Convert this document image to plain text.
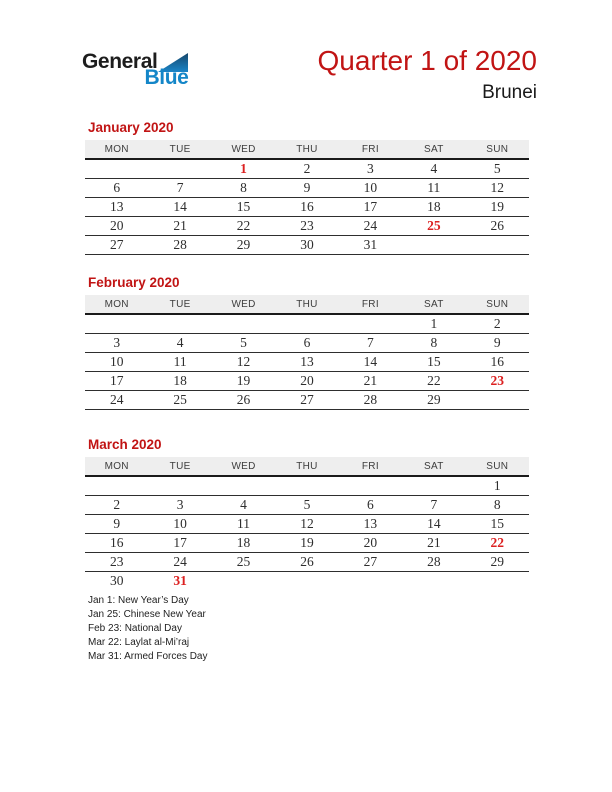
General
Blue
Quarter 1 of 2020
Brunei
January 2020
MON	TUE	WED	THU	FRI	SAT	SUN
		1	2	3	4	5
6	7	8	9	10	11	12
13	14	15	16	17	18	19
20	21	22	23	24	25	26
27	28	29	30	31		
February 2020
MON	TUE	WED	THU	FRI	SAT	SUN
					1	2
3	4	5	6	7	8	9
10	11	12	13	14	15	16
17	18	19	20	21	22	23
24	25	26	27	28	29	
March 2020
MON	TUE	WED	THU	FRI	SAT	SUN
						1
2	3	4	5	6	7	8
9	10	11	12	13	14	15
16	17	18	19	20	21	22
23	24	25	26	27	28	29
30	31					
Jan 1: New Year’s Day
Jan 25: Chinese New Year
Feb 23: National Day
Mar 22: Laylat al-Mi’raj
Mar 31: Armed Forces Day
